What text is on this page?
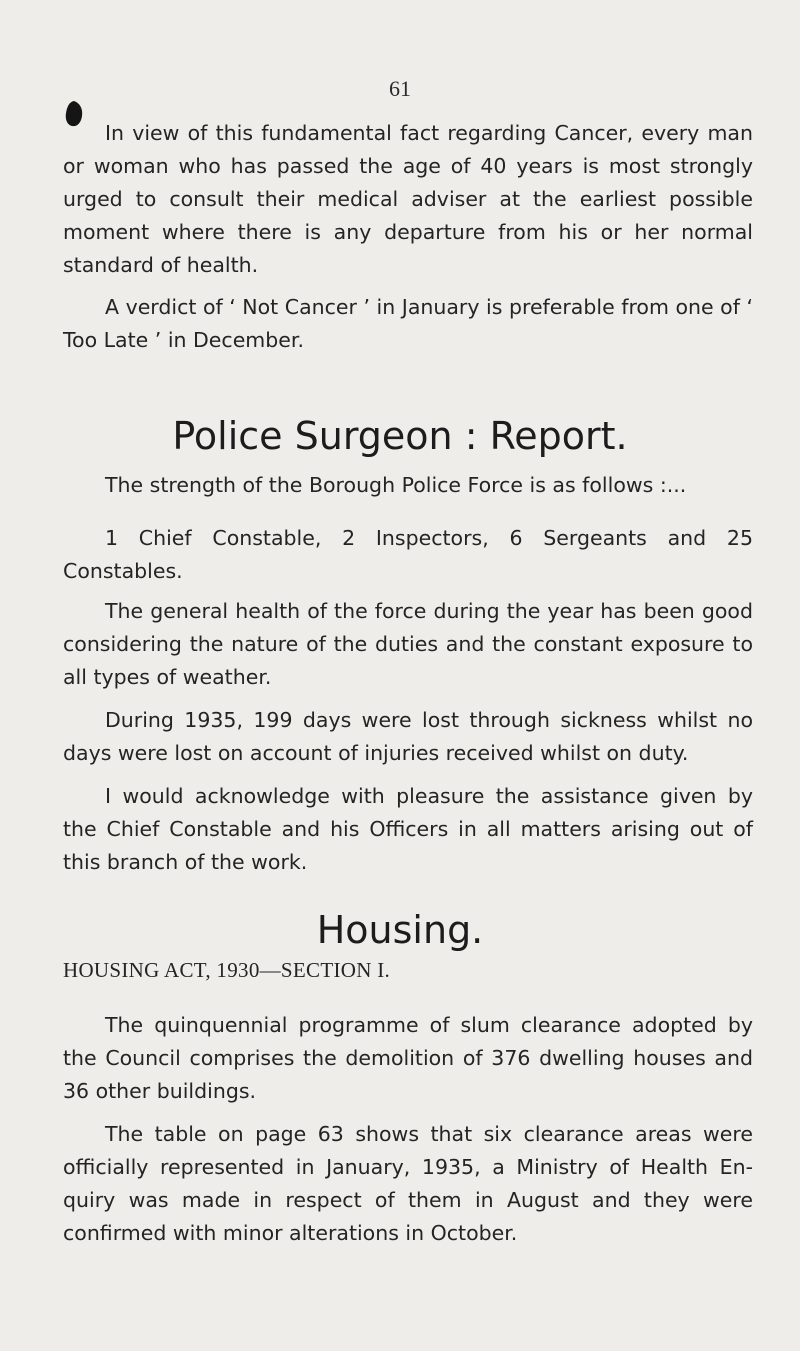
61

In view of this fundamental fact regarding Cancer, every man or woman who has passed the age of 40 years is most strongly urged to consult their medical adviser at the earliest possible moment where there is any departure from his or her normal standard of health.

A verdict of ‘ Not Cancer ’ in January is preferable from one of ‘ Too Late ’ in December.

Police Surgeon : Report.

The strength of the Borough Police Force is as follows :...

1 Chief Constable, 2 Inspectors, 6 Sergeants and 25 Constables.

The general health of the force during the year has been good considering the nature of the duties and the constant exposure to all types of weather.

During 1935, 199 days were lost through sickness whilst no days were lost on account of injuries received whilst on duty.

I would acknowledge with pleasure the assistance given by the Chief Constable and his Officers in all matters arising out of this branch of the work.

Housing.
HOUSING ACT, 1930—SECTION I.

The quinquennial programme of slum clearance adopted by the Council comprises the demolition of 376 dwelling houses and 36 other buildings.

The table on page 63 shows that six clearance areas were officially represented in January, 1935, a Ministry of Health En- quiry was made in respect of them in August and they were confirmed with minor alterations in October.
